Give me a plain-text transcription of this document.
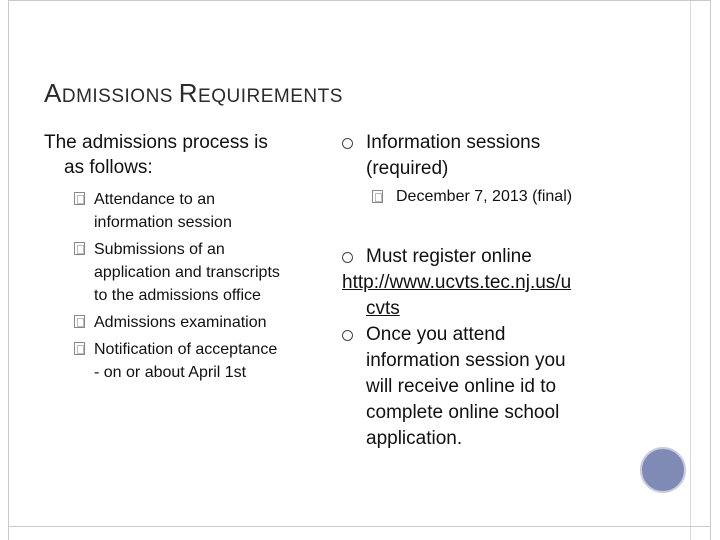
ADMISSIONS REQUIREMENTS
The admissions process is
as follows:
Attendance to an
information session
Submissions of an
application and transcripts
to the admissions office
Admissions examination
Notification of acceptance
- on or about April 1st
Information sessions
(required)
December 7, 2013 (final)
Must register online
http://www.ucvts.tec.nj.us/u
cvts
Once you attend
information session you
will receive online id to
complete online school
application.
